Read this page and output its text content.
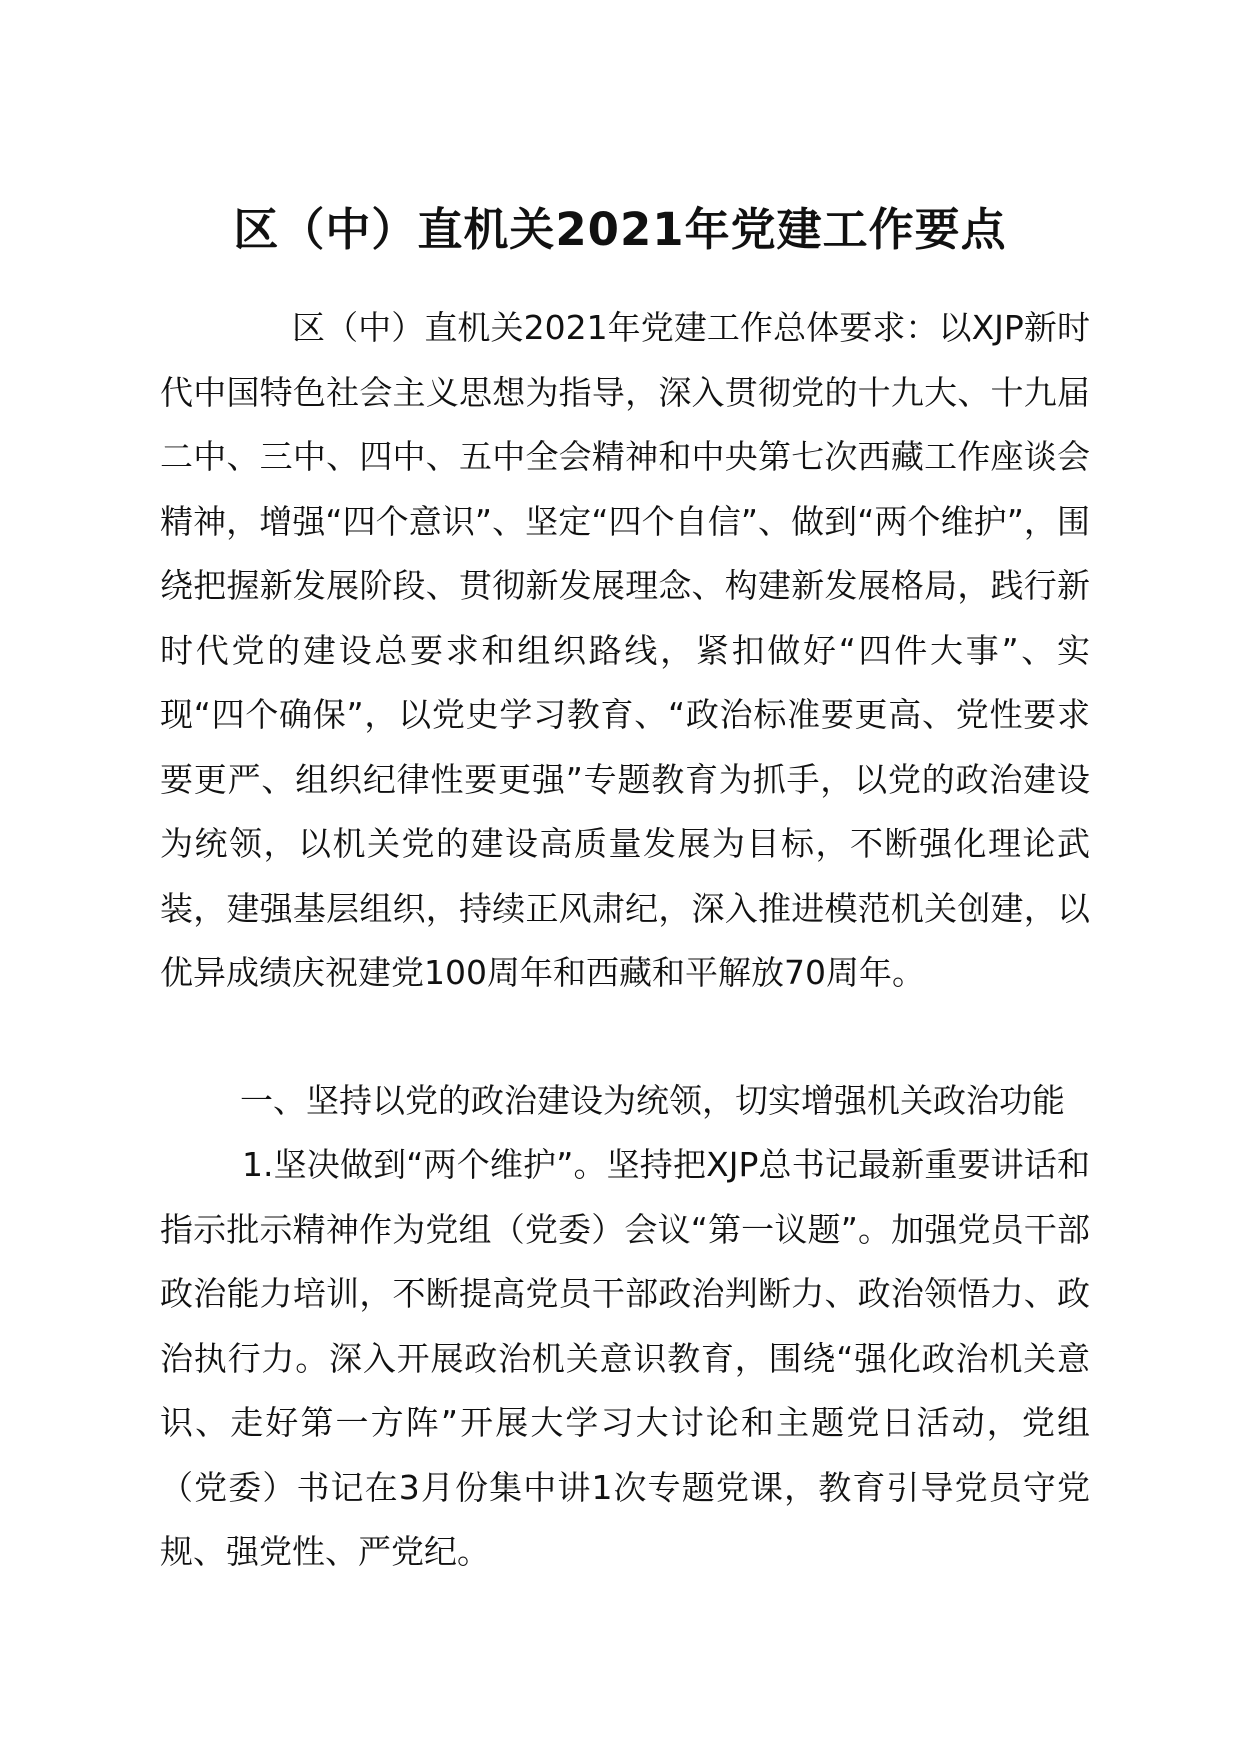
区（中）直机关2021年党建工作要点

区（中）直机关2021年党建工作总体要求：以XJP新时代中国特色社会主义思想为指导，深入贯彻党的十九大、十九届二中、三中、四中、五中全会精神和中央第七次西藏工作座谈会精神，增强“四个意识”、坚定“四个自信”、做到“两个维护”，围绕把握新发展阶段、贯彻新发展理念、构建新发展格局，践行新时代党的建设总要求和组织路线，紧扣做好“四件大事”、实现“四个确保”，以党史学习教育、“政治标准要更高、党性要求要更严、组织纪律性要更强”专题教育为抓手，以党的政治建设为统领，以机关党的建设高质量发展为目标，不断强化理论武装，建强基层组织，持续正风肃纪，深入推进模范机关创建，以优异成绩庆祝建党100周年和西藏和平解放70周年。

一、坚持以党的政治建设为统领，切实增强机关政治功能

1.坚决做到“两个维护”。坚持把XJP总书记最新重要讲话和指示批示精神作为党组（党委）会议“第一议题”。加强党员干部政治能力培训，不断提高党员干部政治判断力、政治领悟力、政治执行力。深入开展政治机关意识教育，围绕“强化政治机关意识、走好第一方阵”开展大学习大讨论和主题党日活动，党组（党委）书记在3月份集中讲1次专题党课，教育引导党员守党规、强党性、严党纪。
